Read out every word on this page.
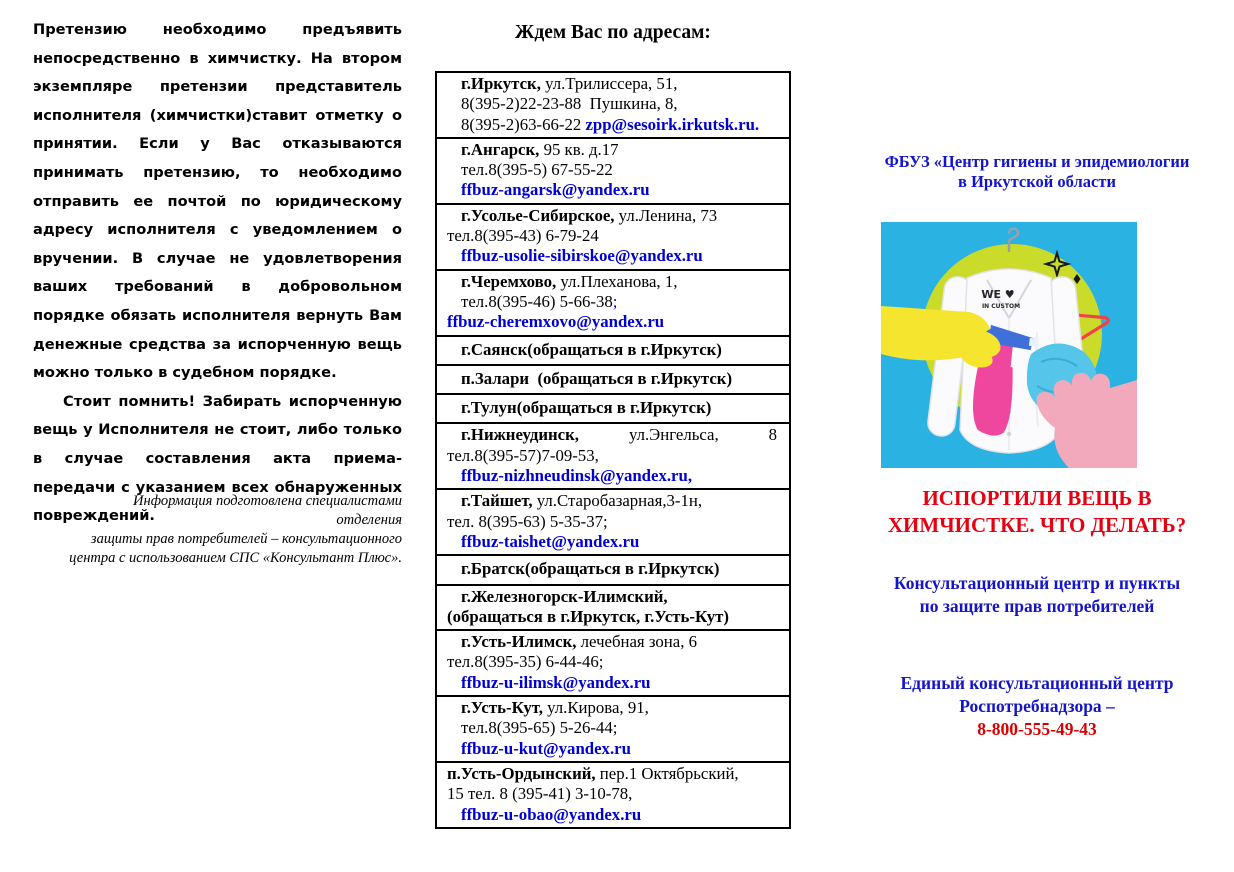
Претензию необходимо предъявить непосредственно в химчистку. На втором экземпляре претензии представитель исполнителя (химчистки)ставит отметку о принятии. Если у Вас отказываются принимать претензию, то необходимо отправить ее почтой по юридическому адресу исполнителя с уведомлением о вручении. В случае не удовлетворения ваших требований в добровольном порядке обязать исполнителя вернуть Вам денежные средства за испорченную вещь можно только в судебном порядке.

Стоит помнить! Забирать испорченную вещь у Исполнителя не стоит, либо только в случае составления акта приема-передачи с указанием всех обнаруженных повреждений.

Информация подготовлена специалистами
отделения
защиты прав потребителей – консультационного
центра с использованием СПС «Консультант Плюс».
Ждем Вас по адресам:
г.Иркутск, ул.Трилиссера, 51,
8(395-2)22-23-88  Пушкина, 8,
8(395-2)63-66-22 zpp@sesoirk.irkutsk.ru.
г.Ангарск, 95 кв. д.17
тел.8(395-5) 67-55-22
ffbuz-angarsk@yandex.ru
г.Усолье-Сибирское, ул.Ленина, 73
тел.8(395-43) 6-79-24
ffbuz-usolie-sibirskoe@yandex.ru
г.Черемхово, ул.Плеханова, 1,
тел.8(395-46) 5-66-38;
ffbuz-cheremxovo@yandex.ru
г.Саянск(обращаться в г.Иркутск)
п.Залари  (обращаться в г.Иркутск)
г.Тулун(обращаться в г.Иркутск)
г.Нижнеудинск,	ул.Энгельса,	8
тел.8(395-57)7-09-53,
ffbuz-nizhneudinsk@yandex.ru,
г.Тайшет, ул.Старобазарная,3-1н,
тел. 8(395-63) 5-35-37;
ffbuz-taishet@yandex.ru
г.Братск(обращаться в г.Иркутск)
г.Железногорск-Илимский,
(обращаться в г.Иркутск, г.Усть-Кут)
г.Усть-Илимск, лечебная зона, 6
тел.8(395-35) 6-44-46;
ffbuz-u-ilimsk@yandex.ru
г.Усть-Кут, ул.Кирова, 91,
тел.8(395-65) 5-26-44;
ffbuz-u-kut@yandex.ru
п.Усть-Ордынский, пер.1 Октябрьский,
15 тел. 8 (395-41) 3-10-78,
ffbuz-u-obao@yandex.ru
ФБУЗ «Центр гигиены и эпидемиологии
в Иркутской области
WE ♥
IN CUSTOM
ИСПОРТИЛИ ВЕЩЬ В
ХИМЧИСТКЕ. ЧТО ДЕЛАТЬ?
Консультационный центр и пункты
по защите прав потребителей
Единый консультационный центр
Роспотребнадзора –
8-800-555-49-43
